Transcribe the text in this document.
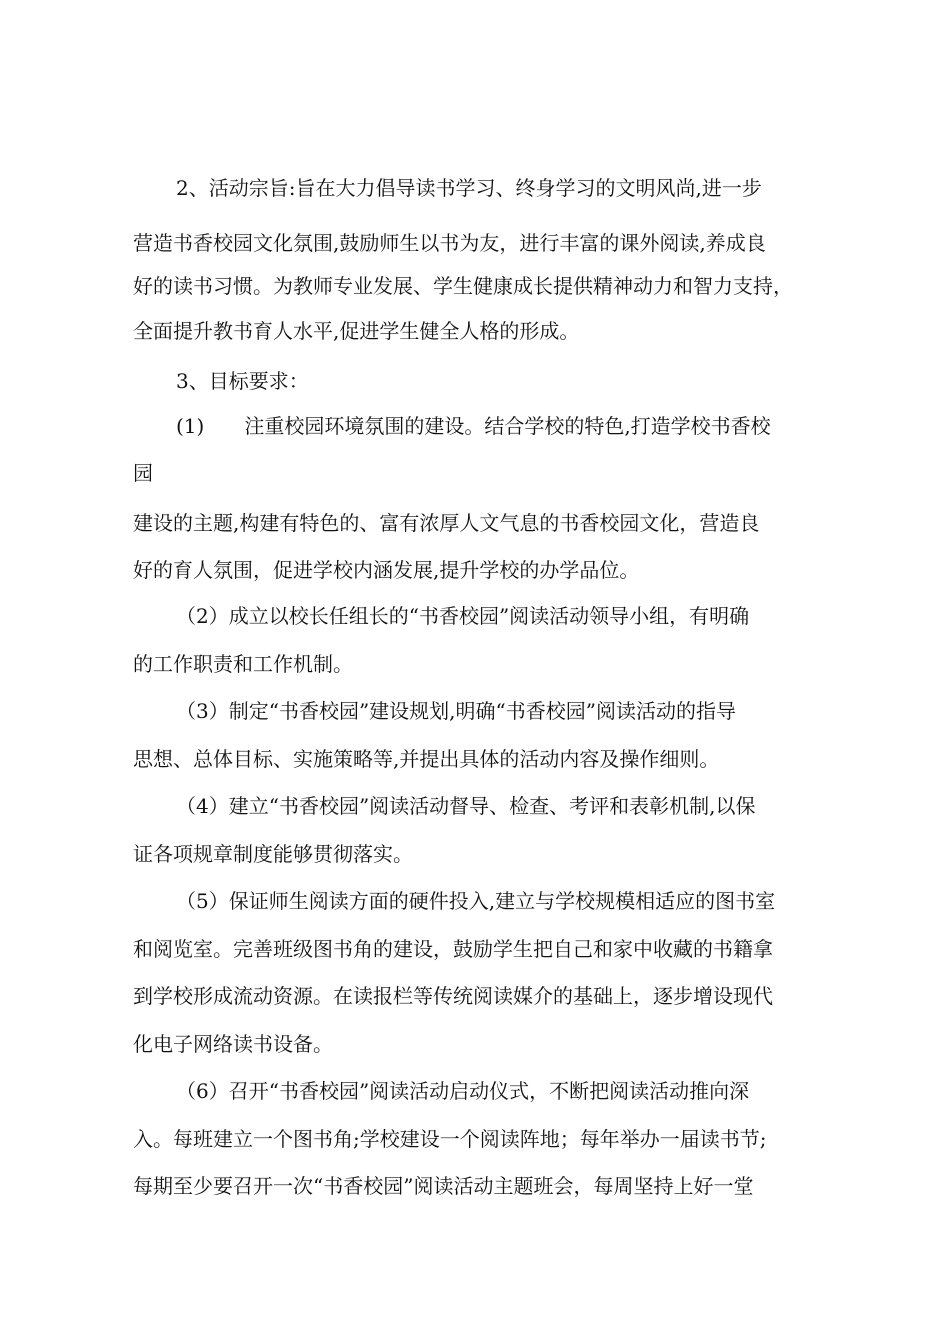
2、活动宗旨:旨在大力倡导读书学习、终身学习的文明风尚,进一步

营造书香校园文化氛围,鼓励师生以书为友，进行丰富的课外阅读,养成良

好的读书习惯。为教师专业发展、学生健康成长提供精神动力和智力支持，

全面提升教书育人水平,促进学生健全人格的形成。

3、目标要求：

(1)　　注重校园环境氛围的建设。结合学校的特色,打造学校书香校

园

建设的主题,构建有特色的、富有浓厚人文气息的书香校园文化，营造良

好的育人氛围，促进学校内涵发展,提升学校的办学品位。

（2）成立以校长任组长的“书香校园”阅读活动领导小组，有明确

的工作职责和工作机制。

（3）制定“书香校园”建设规划,明确“书香校园”阅读活动的指导

思想、总体目标、实施策略等,并提出具体的活动内容及操作细则。

（4）建立“书香校园”阅读活动督导、检查、考评和表彰机制,以保

证各项规章制度能够贯彻落实。

（5）保证师生阅读方面的硬件投入,建立与学校规模相适应的图书室

和阅览室。完善班级图书角的建设，鼓励学生把自己和家中收藏的书籍拿

到学校形成流动资源。在读报栏等传统阅读媒介的基础上，逐步增设现代

化电子网络读书设备。

（6）召开“书香校园”阅读活动启动仪式，不断把阅读活动推向深

入。每班建立一个图书角;学校建设一个阅读阵地；每年举办一届读书节;

每期至少要召开一次“书香校园”阅读活动主题班会，每周坚持上好一堂
